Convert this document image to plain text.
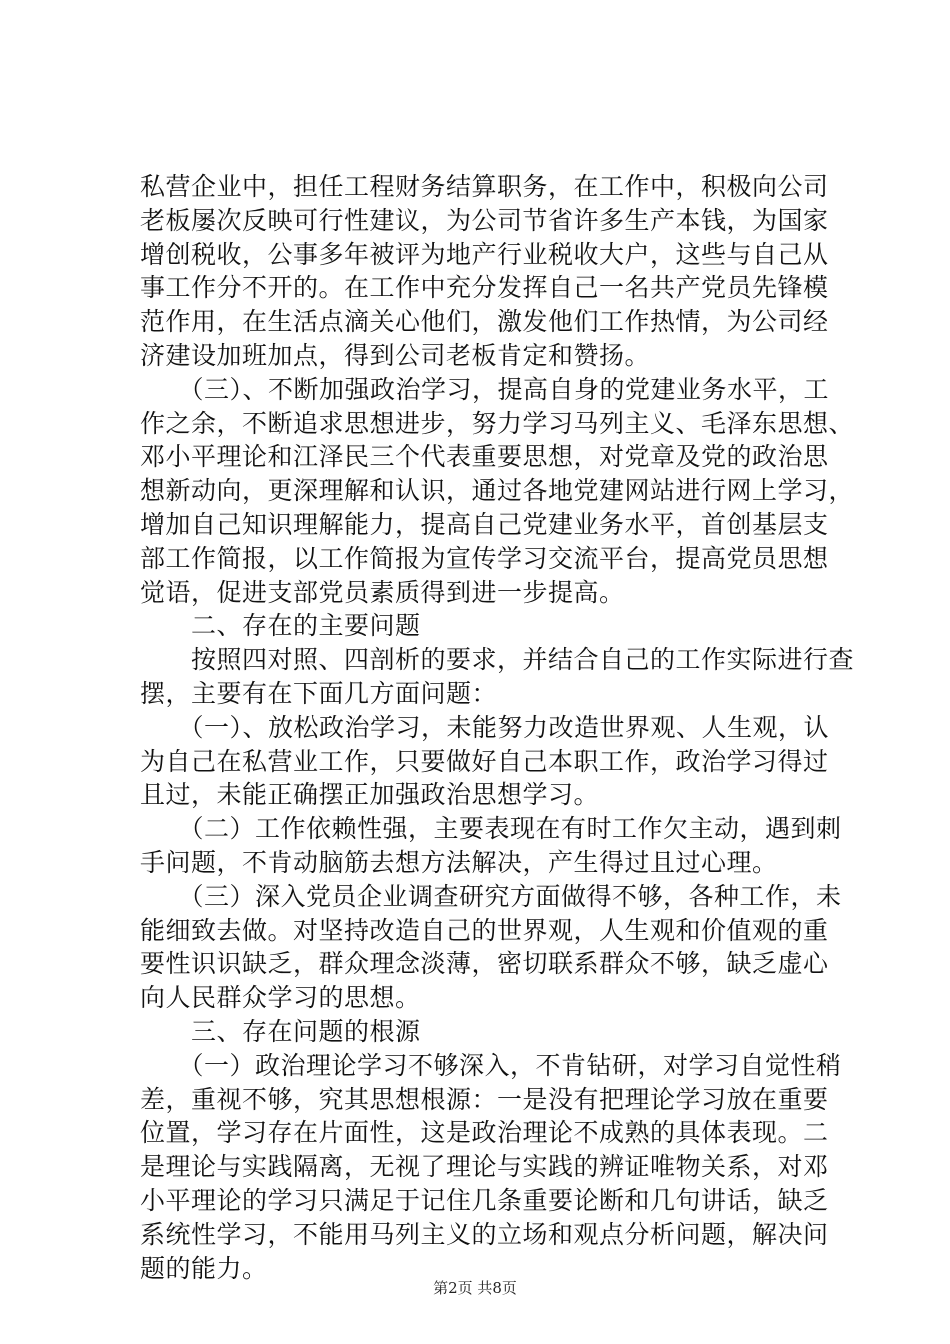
私营企业中，担任工程财务结算职务，在工作中，积极向公司
老板屡次反映可行性建议，为公司节省许多生产本钱，为国家
增创税收，公事多年被评为地产行业税收大户，这些与自己从
事工作分不开的。在工作中充分发挥自己一名共产党员先锋模
范作用，在生活点滴关心他们，激发他们工作热情，为公司经
济建设加班加点，得到公司老板肯定和赞扬。
　　（三）、不断加强政治学习，提高自身的党建业务水平，工
作之余，不断追求思想进步，努力学习马列主义、毛泽东思想、
邓小平理论和江泽民三个代表重要思想，对党章及党的政治思
想新动向，更深理解和认识，通过各地党建网站进行网上学习，
增加自己知识理解能力，提高自己党建业务水平，首创基层支
部工作简报，以工作简报为宣传学习交流平台，提高党员思想
觉语，促进支部党员素质得到进一步提高。
　　二、存在的主要问题
　　按照四对照、四剖析的要求，并结合自己的工作实际进行查
摆，主要有在下面几方面问题：
　　（一）、放松政治学习，未能努力改造世界观、人生观，认
为自己在私营业工作，只要做好自己本职工作，政治学习得过
且过，未能正确摆正加强政治思想学习。
　　（二）工作依赖性强，主要表现在有时工作欠主动，遇到刺
手问题，不肯动脑筋去想方法解决，产生得过且过心理。
　　（三）深入党员企业调查研究方面做得不够，各种工作，未
能细致去做。对坚持改造自己的世界观，人生观和价值观的重
要性识识缺乏，群众理念淡薄，密切联系群众不够，缺乏虚心
向人民群众学习的思想。
　　三、存在问题的根源
　　（一）政治理论学习不够深入，不肯钻研，对学习自觉性稍
差，重视不够，究其思想根源：一是没有把理论学习放在重要
位置，学习存在片面性，这是政治理论不成熟的具体表现。二
是理论与实践隔离，无视了理论与实践的辨证唯物关系，对邓
小平理论的学习只满足于记住几条重要论断和几句讲话，缺乏
系统性学习，不能用马列主义的立场和观点分析问题，解决问
题的能力。
第2页 共8页
